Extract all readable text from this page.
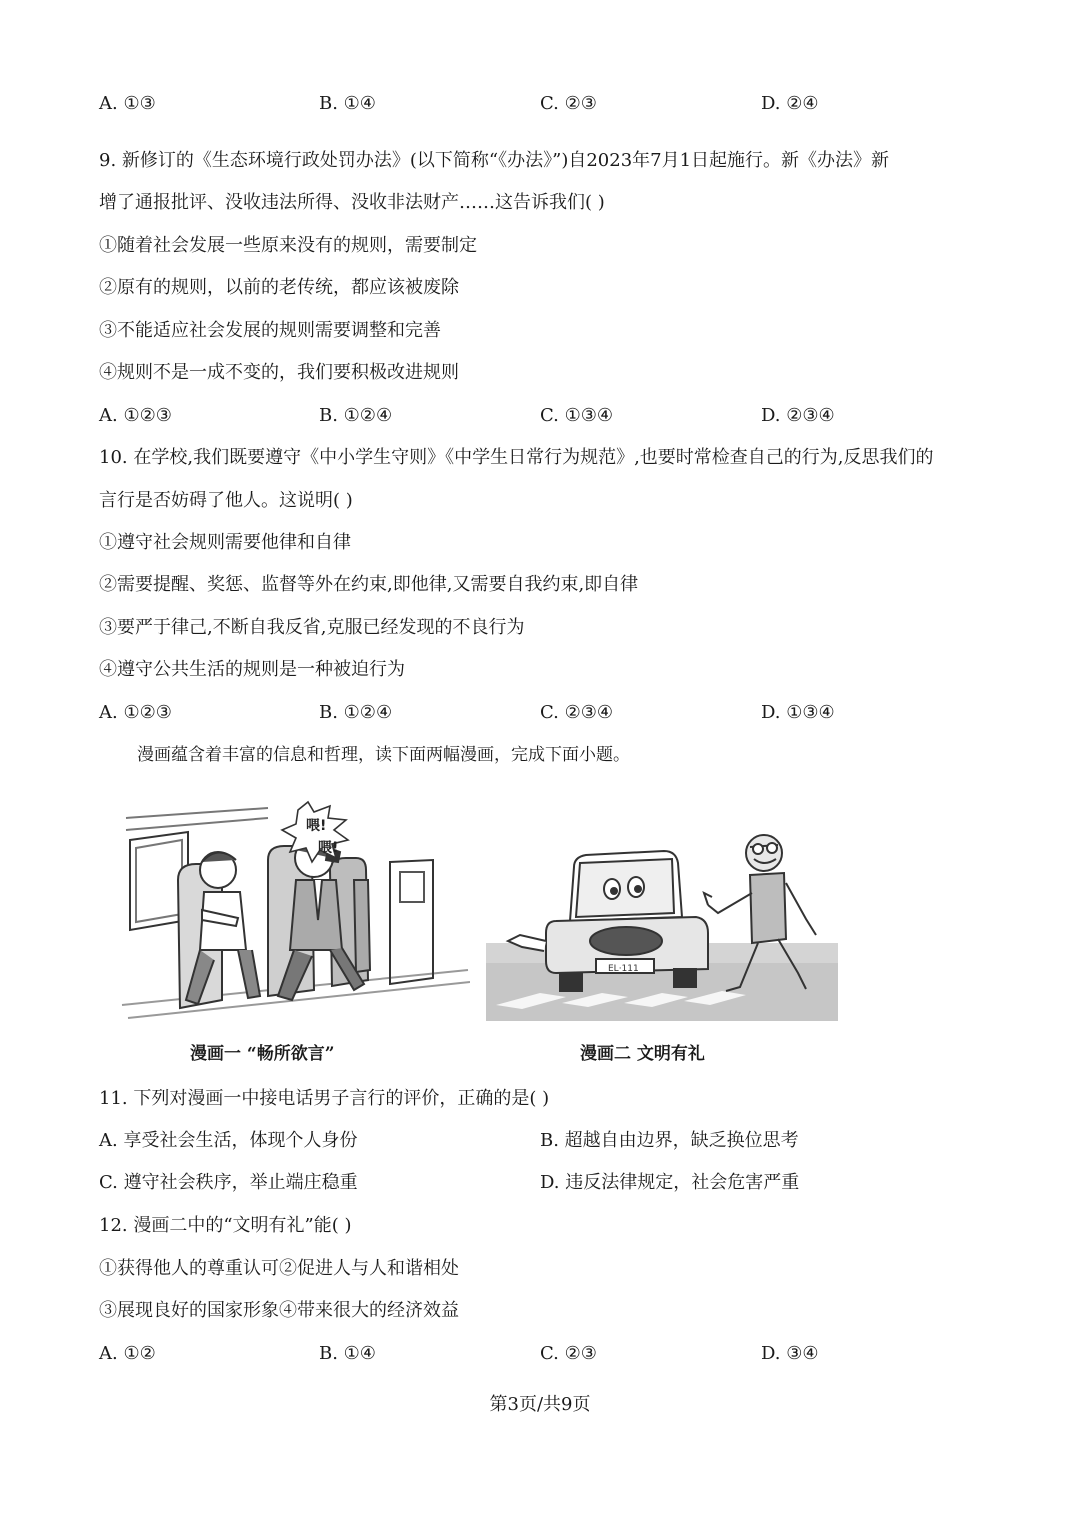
A. ①③	B. ①④	C. ②③	D. ②④
9. 新修订的《生态环境行政处罚办法》(以下简称“《办法》”)自2023年7月1日起施行。新《办法》新
增了通报批评、没收违法所得、没收非法财产……这告诉我们( )
①随着社会发展一些原来没有的规则，需要制定
②原有的规则，以前的老传统，都应该被废除
③不能适应社会发展的规则需要调整和完善
④规则不是一成不变的，我们要积极改进规则
A. ①②③	B. ①②④	C. ①③④	D. ②③④
10. 在学校,我们既要遵守《中小学生守则》《中学生日常行为规范》,也要时常检查自己的行为,反思我们的
言行是否妨碍了他人。这说明( )
①遵守社会规则需要他律和自律
②需要提醒、奖惩、监督等外在约束,即他律,又需要自我约束,即自律
③要严于律己,不断自我反省,克服已经发现的不良行为
④遵守公共生活的规则是一种被迫行为
A. ①②③	B. ①②④	C. ②③④	D. ①③④
漫画蕴含着丰富的信息和哲理，读下面两幅漫画，完成下面小题。
喂!
喂!
EL·111
漫画一 “畅所欲言”	漫画二 文明有礼
11. 下列对漫画一中接电话男子言行的评价，正确的是( )
A. 享受社会生活，体现个人身份	B. 超越自由边界，缺乏换位思考
C. 遵守社会秩序，举止端庄稳重	D. 违反法律规定，社会危害严重
12. 漫画二中的“文明有礼”能( )
①获得他人的尊重认可②促进人与人和谐相处
③展现良好的国家形象④带来很大的经济效益
A. ①②	B. ①④	C. ②③	D. ③④
第3页/共9页
